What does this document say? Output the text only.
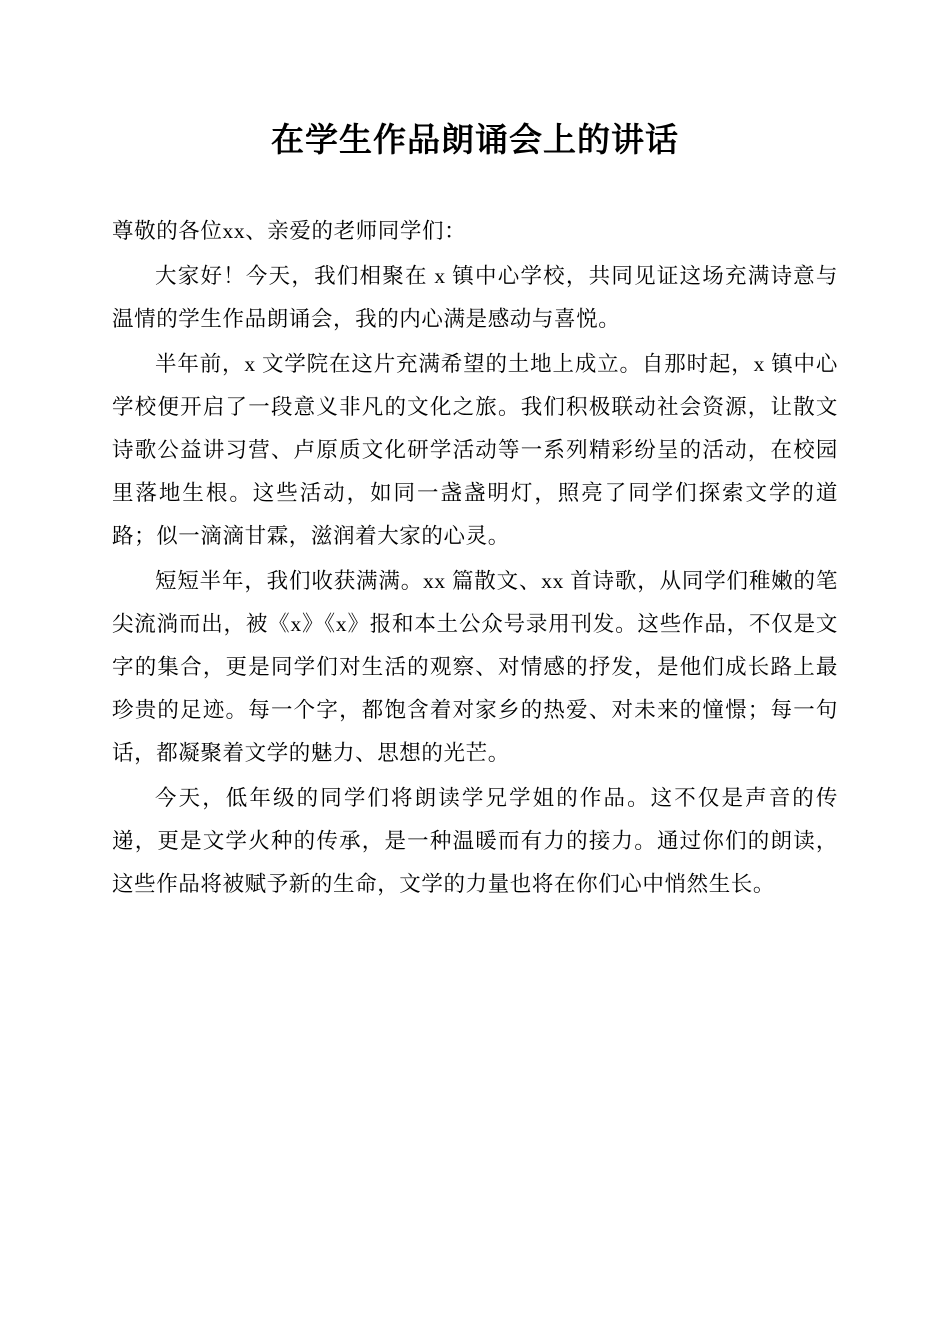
在学生作品朗诵会上的讲话

尊敬的各位xx、亲爱的老师同学们：

大家好！今天，我们相聚在 x 镇中心学校，共同见证这场充满诗意与温情的学生作品朗诵会，我的内心满是感动与喜悦。

半年前，x 文学院在这片充满希望的土地上成立。自那时起，x 镇中心学校便开启了一段意义非凡的文化之旅。我们积极联动社会资源，让散文诗歌公益讲习营、卢原质文化研学活动等一系列精彩纷呈的活动，在校园里落地生根。这些活动，如同一盏盏明灯，照亮了同学们探索文学的道路；似一滴滴甘霖，滋润着大家的心灵。

短短半年，我们收获满满。xx 篇散文、xx 首诗歌，从同学们稚嫩的笔尖流淌而出，被《x》《x》报和本土公众号录用刊发。这些作品，不仅是文字的集合，更是同学们对生活的观察、对情感的抒发，是他们成长路上最珍贵的足迹。每一个字，都饱含着对家乡的热爱、对未来的憧憬；每一句话，都凝聚着文学的魅力、思想的光芒。

今天，低年级的同学们将朗读学兄学姐的作品。这不仅是声音的传递，更是文学火种的传承，是一种温暖而有力的接力。通过你们的朗读，这些作品将被赋予新的生命，文学的力量也将在你们心中悄然生长。
